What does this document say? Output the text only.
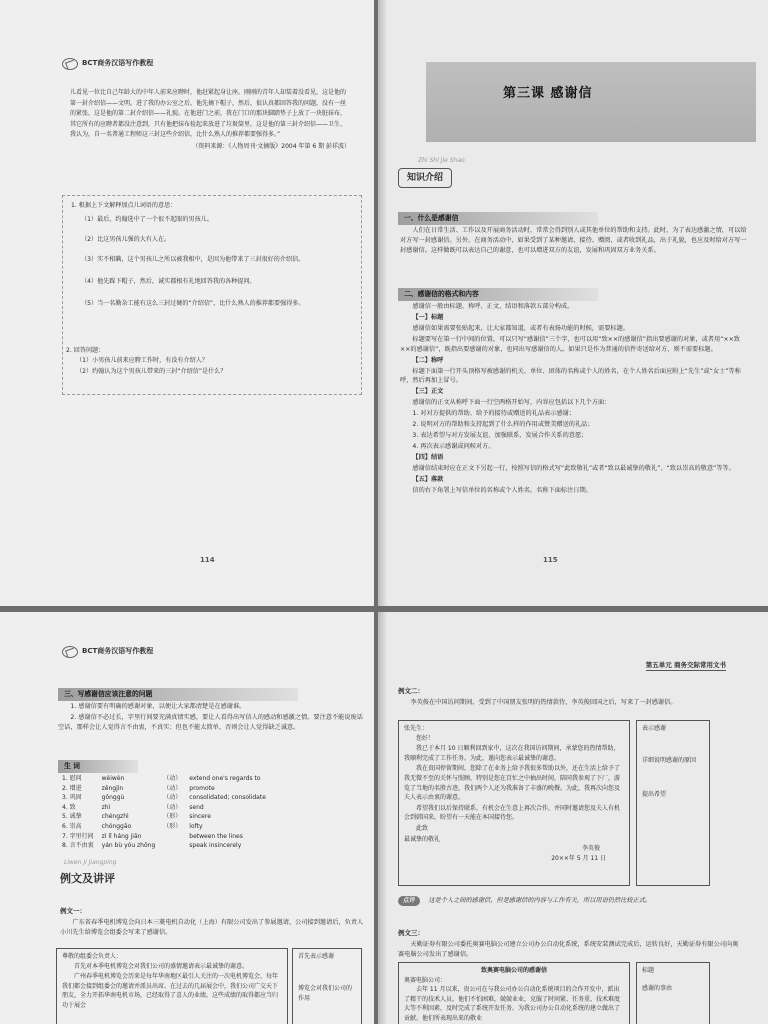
BCT商务汉语写作教程
儿看见一位比自己年龄大的中年人前来应聘时，他赶紧起身让座。刚刚的青年人却装着没看见，这是他的第一封介绍信——文明。进了我的办公室之后，他先摘下帽子，然后，很认真都回答我的问题，没有一丝的紧张，这是他的第二封介绍信——礼貌。在他进门之前，我在门口的那块脚踏垫子上放了一块脏抹布，其它所有的应聘者都没注意到，只有他把抹布捡起来放进了垃圾筒里，这是他的第三封介绍信——卫生、我认为，自一名普通工程师这三封这些介绍信，比什么熟人的推荐都要强得多。”
（资料来源：《人物周刊·文摘版》2004 年第 6 期 彭祥波）
1. 根据上下文解释加点儿词语的意思：
（1）最后，约翰选中了一个很不起眼的男孩儿。
（2）比这男孩儿强的大有人在。
（3）实不相瞒，这个男孩儿之所以被我相中，是因为他带来了三封很好的介绍信。
（4）他先跺下帽子，然后，诚实都根有礼地回答我的各种提问。
（5）当一名勤杂工能有这么三封过硬的“介绍信”，比什么熟人的推荐都要强得多。
2. 回答问题：
（1）小男孩儿前来应聘工作时，有没有介绍人？
（2）约翰认为这个男孩儿带来的三封“介绍信”是什么？
114
第三课 感谢信
Zhi Shi Jie Shao
知识介绍
一、什么是感谢信
人们在日常生活、工作以及开展商务活动时，常常会得到别人或其他单位的帮助和支持。此时，为了表达感激之情，可以给对方写一封感谢信。另外，在商务活动中，如果受到了某种邀请、接待、赠阅，或者收到礼品，出于礼貌，也应及时给对方写一封感谢信。这样做既可以表达自己的谢意，也可以增进双方的友谊，发展和巩固双方业务关系。
二、感谢信的格式和内容
感谢信一般由标题、称呼、正文、结语和落款五部分构成。
【一】标题
感谢信如果需要张贴起来，让大家都知道，或者有表扬功能的时候，需要标题。
标题要写在第一行中间的位置，可以只写“感谢信”三个字，也可以用“致××的感谢信”指出要感谢的对象，或者用“××致××的感谢信”，既指出要感谢的对象，也同出写感谢信的人。如果只是作为普通的信件寄送给对方，则不需要标题。
【二】称呼
标题下面第一行开头顶格写被感谢的机关、单位、团体的名称或个人的姓名，在个人姓名后面应附上“先生”或“女士”等称呼，然后再加上冒号。
【三】正文
感谢信的正文从称呼下面一行空两格开始写，内容应包括以下几个方面：
1. 对对方提供的帮助、给予的接待或赠送的礼品表示感谢；
2. 说明对方的帮助和支持起到了什么样的作用或赞美赠送的礼品；
3. 表达希望与对方发展友谊、加强联系、发展合作关系的意愿；
4. 再次表示感谢或问候对方。
【四】结语
感谢信结束时应在正文下另起一行，按照写信的格式写“此致敬礼”或者“致以最诚挚的敬礼”、“致以崇高的敬意”等等。
【五】落款
信的右下角署上写信单位的名称或个人姓名，名称下面标注日期。
115
BCT商务汉语写作教程
三、写感谢信应该注意的问题
1. 感谢信要有明确的感谢对象，以便让大家都清楚是在感谢谁。
2. 感谢信不必过长，字里行间要充满真情实感，要让人看得出写信人的感动和感激之情。要注意不能说废话空话，那样会让人觉得言不由衷，不真实；但也不能太简单，否则会让人觉得缺乏诚意。
生 词
1. 慰问	wèiwèn	（动）	extend one's regards to
2. 增进	zēngjìn	（动）	promote
3. 巩固	gǒnggù	（动）	consolidated; consolidate
4. 致	zhì	（动）	send
5. 诚挚	chéngzhì	（形）	sincere
6. 崇高	chónggāo	（形）	lofty
7. 字里行间	zì lǐ háng jiān		between the lines
8. 言不由衷	yán bù yóu zhōng		speak insincerely
Liwen Ji Jiangping
例文及讲评
例文一：
广东省春季电机博览会向日本三菱电机自动化（上海）有限公司发出了参展邀请，公司接到邀请后，负责人小川先生给博览会组委会写来了感谢信。
尊敬的组委会负责人：
首先对本季电机博览会对我们公司的盛情邀请表示最诚挚的谢意。
广州春季电机博览会历来是每年华南地区最引人关注的一次电机博览会，每年我们都会接到组委会的邀请并派员出席。在过去的几届展会中，我们公司广交天下朋友，全力开拓华南电机市场，已经取得了喜人的业绩。这些成绩的取得都应当归功于展会
首先表示感谢
博览会对我们公司的作用
第五单元 商务交际常用文书
例文二：
李英俊在中国访问期间，受到了中国朋友张明的热情款待，李英俊回国之后，写来了一封感谢信。
张先生：
您好！
我已于本月 10 日顺利回到家中，这次在我国访问期间，承蒙您的热情帮助，我顺利完成了工作任务。为此，谨向您表示最诚挚的谢意。
我在贵国停留期间，您除了在业务上给予我很多帮助以外，还在生活上给予了我无微不至的关怀与照顾，特别是您在百忙之中抽出时间，陪同我参观了下厂，游览了当地的名胜古迹，我们两个人还为我准备了丰盛的晚餐。为此，我再次向您及夫人表示由衷的谢意。
希望我们以后保持联系，有机会在生意上再次合作，并同时邀请您及夫人有机会到韩国来，盼望有一天能在本国接待您。
此致
最诚挚的敬礼
李英俊
20××年 5 月 11 日
表示感谢
详细说明感谢的原因
提出希望
点评	这是个人之间的感谢信，但是感谢信的内容与工作有关，所以用语仍然比较正式。
例文三：
天勤证券有限公司委托奥赛电脑公司建立公司办公自动化系统，系统安装测试完成后，运转良好，天勤证券有限公司向奥赛电脑公司发出了感谢信。
致奥赛电脑公司的感谢信
奥赛电脑公司：
去年 11 月以来，贵公司在与我公司办公自动化系统项目的合作开发中，派出了精干的技术人员，他们不怕困难，兢兢业业，克服了时间紧、任务重、技术难度大等不利因素，及时完成了系统开发任务。为我公司办公自动化系统的建立做出了贡献。他们所表现出来的敬业
标题
感谢的事由
